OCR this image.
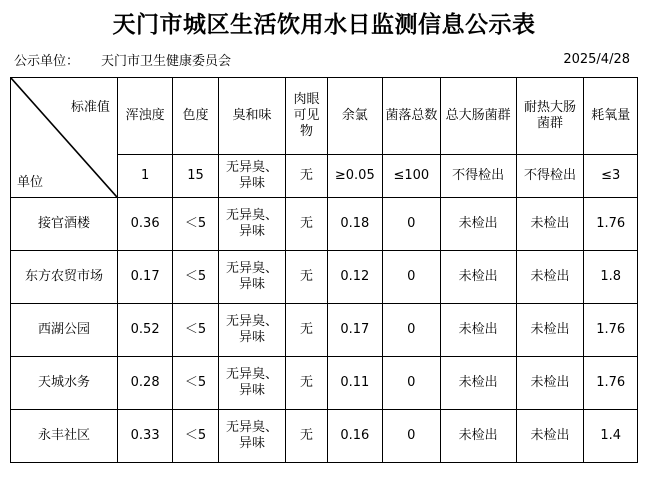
天门市城区生活饮用水日监测信息公示表
公示单位： 天门市卫生健康委员会	2025/4/28
标准值
单位	浑浊度	色度	臭和味	肉眼可见物	余氯	菌落总数	总大肠菌群	耐热大肠菌群	耗氧量
	1	15	无异臭、异味	无	≥0.05	≤100	不得检出	不得检出	≤3
接官酒楼	0.36	＜5	无异臭、异味	无	0.18	0	未检出	未检出	1.76
东方农贸市场	0.17	＜5	无异臭、异味	无	0.12	0	未检出	未检出	1.8
西湖公园	0.52	＜5	无异臭、异味	无	0.17	0	未检出	未检出	1.76
天城水务	0.28	＜5	无异臭、异味	无	0.11	0	未检出	未检出	1.76
永丰社区	0.33	＜5	无异臭、异味	无	0.16	0	未检出	未检出	1.4
